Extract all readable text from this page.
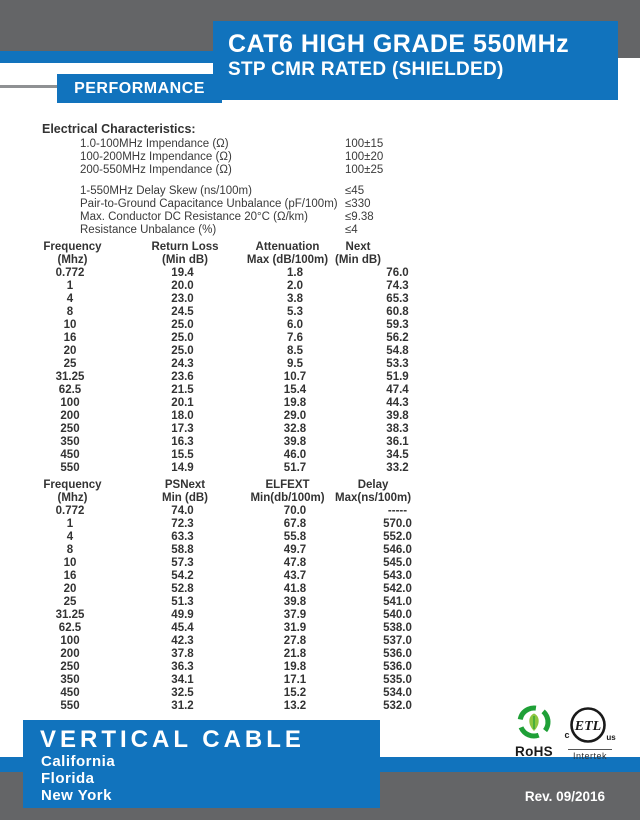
CAT6 HIGH GRADE 550MHz
STP CMR RATED (SHIELDED)
PERFORMANCE
Electrical Characteristics:
1.0-100MHz Impendance (Ω)	100±15
100-200MHz Impendance (Ω)	100±20
200-550MHz Impendance (Ω)	100±25
1-550MHz Delay Skew (ns/100m)	≤45
Pair-to-Ground Capacitance Unbalance (pF/100m) ≤330
Max. Conductor DC Resistance 20°C (Ω/km)	≤9.38
Resistance Unbalance (%)	≤4
Frequency
(Mhz)
Return Loss
(Min dB)
Attenuation
Max (dB/100m)
Next
(Min dB)
0.772	19.4	1.8	76.0
1	20.0	2.0	74.3
4	23.0	3.8	65.3
8	24.5	5.3	60.8
10	25.0	6.0	59.3
16	25.0	7.6	56.2
20	25.0	8.5	54.8
25	24.3	9.5	53.3
31.25	23.6	10.7	51.9
62.5	21.5	15.4	47.4
100	20.1	19.8	44.3
200	18.0	29.0	39.8
250	17.3	32.8	38.3
350	16.3	39.8	36.1
450	15.5	46.0	34.5
550	14.9	51.7	33.2
Frequency
(Mhz)
PSNext
Min (dB)
ELFEXT
Min(db/100m)
Delay
Max(ns/100m)
0.772	74.0	70.0	-----
1	72.3	67.8	570.0
4	63.3	55.8	552.0
8	58.8	49.7	546.0
10	57.3	47.8	545.0
16	54.2	43.7	543.0
20	52.8	41.8	542.0
25	51.3	39.8	541.0
31.25	49.9	37.9	540.0
62.5	45.4	31.9	538.0
100	42.3	27.8	537.0
200	37.8	21.8	536.0
250	36.3	19.8	536.0
350	34.1	17.1	535.0
450	32.5	15.2	534.0
550	31.2	13.2	532.0
VERTICAL CABLE
California
Florida
New York
RoHS
ETL
c	us
Intertek
Rev. 09/2016
